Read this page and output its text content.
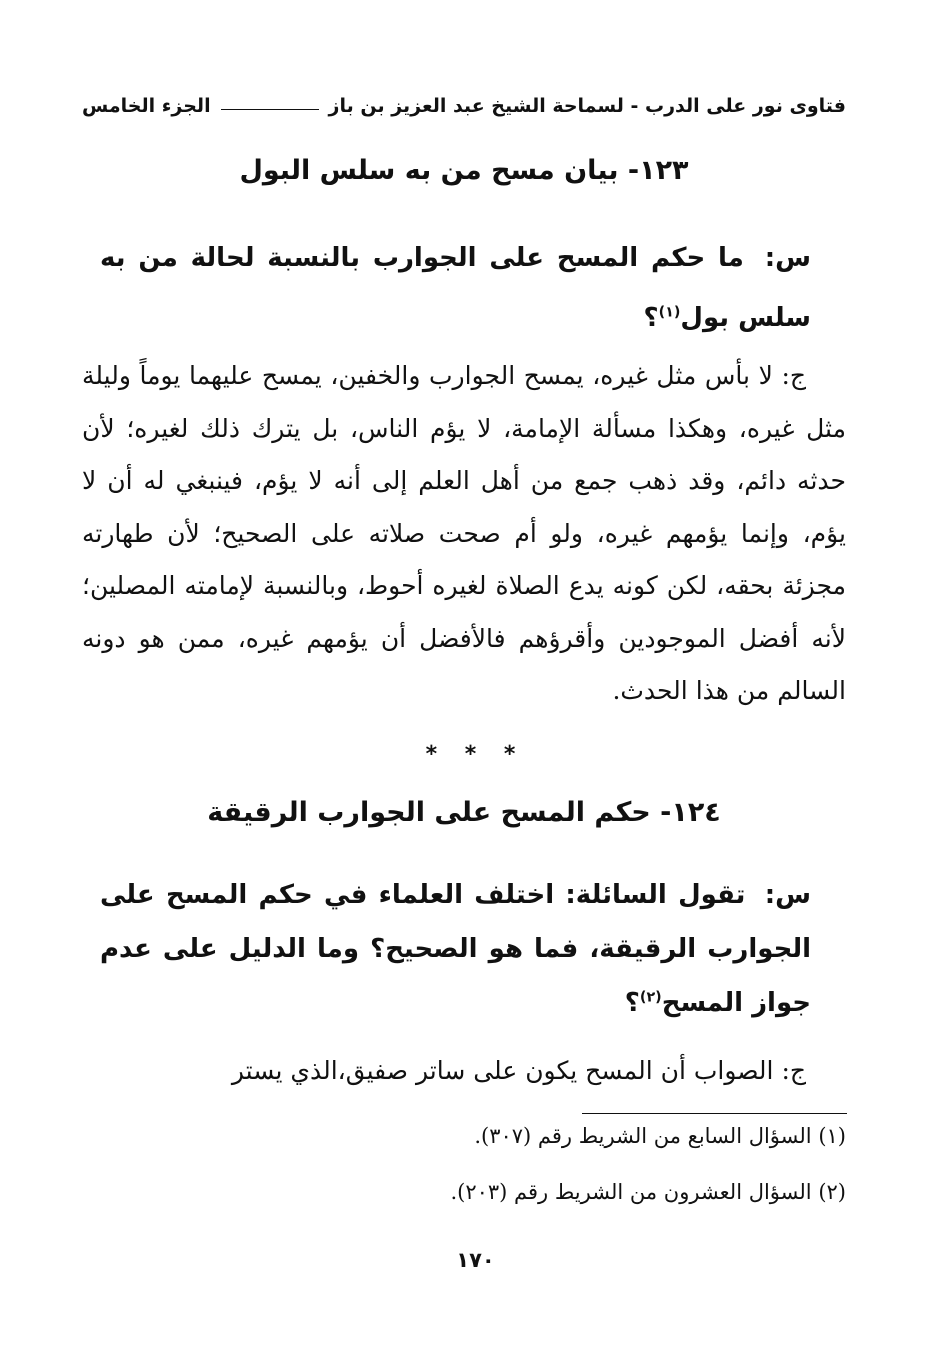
فتاوى نور على الدرب - لسماحة الشيخ عبد العزيز بن باز
الجزء الخامس
١٢٣- بيان مسح من به سلس البول
س: ما حكم المسح على الجوارب بالنسبة لحالة من به سلس بول$^{(١)}$؟
ج: لا بأس مثل غيره، يمسح الجوارب والخفين، يمسح عليهما يوماً وليلة مثل غيره، وهكذا مسألة الإمامة، لا يؤم الناس، بل يترك ذلك لغيره؛ لأن حدثه دائم، وقد ذهب جمع من أهل العلم إلى أنه لا يؤم، فينبغي له أن لا يؤم، وإنما يؤمهم غيره، ولو أم صحت صلاته على الصحيح؛ لأن طهارته مجزئة بحقه، لكن كونه يدع الصلاة لغيره أحوط، وبالنسبة لإمامته المصلين؛ لأنه أفضل الموجودين وأقرؤهم فالأفضل أن يؤمهم غيره، ممن هو دونه السالم من هذا الحدث.
* * *
١٢٤- حكم المسح على الجوارب الرقيقة
س: تقول السائلة: اختلف العلماء في حكم المسح على الجوارب الرقيقة، فما هو الصحيح؟ وما الدليل على عدم جواز المسح$^{(٢)}$؟
ج: الصواب أن المسح يكون على ساتر صفيق،الذي يستر
(١) السؤال السابع من الشريط رقم (٣٠٧).
(٢) السؤال العشرون من الشريط رقم (٢٠٣).
١٧٠
